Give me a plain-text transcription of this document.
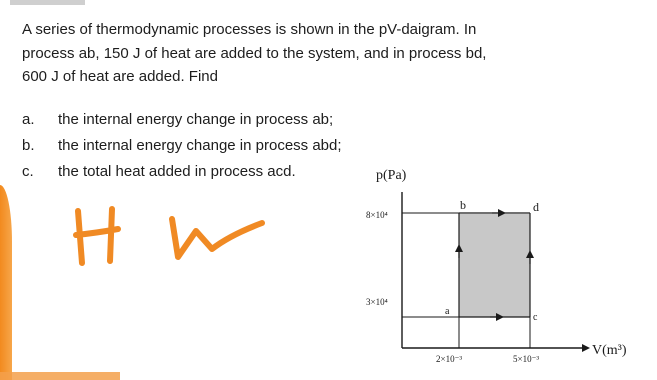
A series of thermodynamic processes is shown in the pV-daigram. In

process ab, 150 J of heat are added to the system, and in process bd,

600 J of heat are added. Find

a. the internal energy change in process ab;
b. the internal energy change in process abd;
c. the total heat added in process acd.	p(Pa)
V(m³)
8×10⁴
3×10⁴
2×10⁻³	5×10⁻³
a
b
c
d
